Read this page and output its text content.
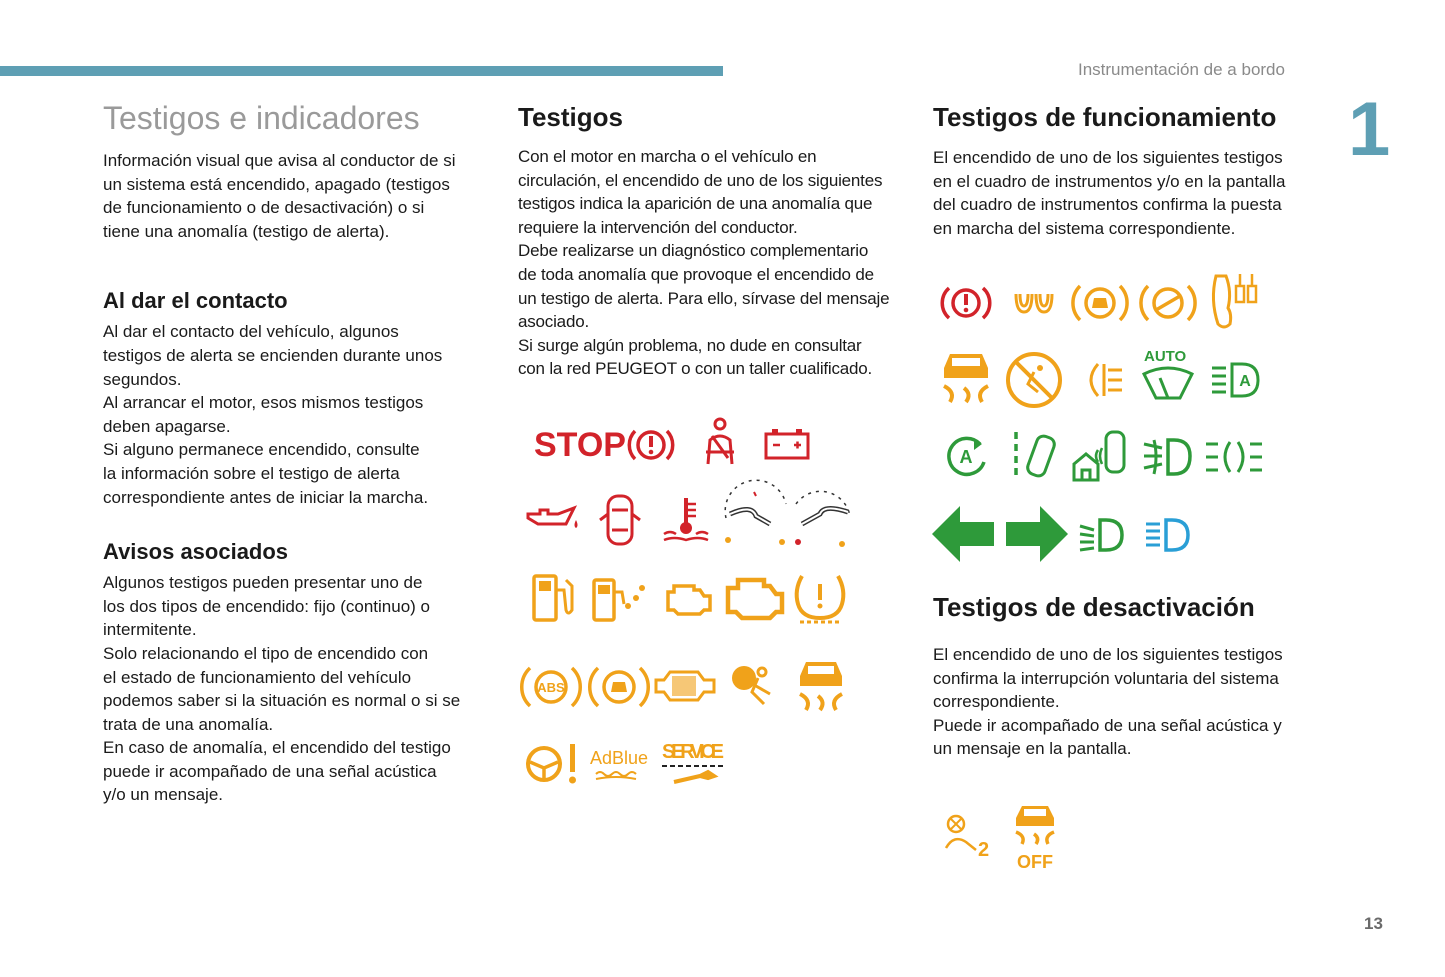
Instrumentación de a bordo
1
13
Testigos e indicadores

Información visual que avisa al conductor de si
un sistema está encendido, apagado (testigos
de funcionamiento o de desactivación) o si
tiene una anomalía (testigo de alerta).

Al dar el contacto

Al dar el contacto del vehículo, algunos
testigos de alerta se encienden durante unos
segundos.
Al arrancar el motor, esos mismos testigos
deben apagarse.
Si alguno permanece encendido, consulte
la información sobre el testigo de alerta
correspondiente antes de iniciar la marcha.

Avisos asociados

Algunos testigos pueden presentar uno de
los dos tipos de encendido: fijo (continuo) o
intermitente.
Solo relacionando el tipo de encendido con
el estado de funcionamiento del vehículo
podemos saber si la situación es normal o si se
trata de una anomalía.
En caso de anomalía, el encendido del testigo
puede ir acompañado de una señal acústica
y/o un mensaje.

Testigos

Con el motor en marcha o el vehículo en
circulación, el encendido de uno de los siguientes
testigos indica la aparición de una anomalía que
requiere la intervención del conductor.
Debe realizarse un diagnóstico complementario
de toda anomalía que provoque el encendido de
un testigo de alerta. Para ello, sírvase del mensaje
asociado.
Si surge algún problema, no dude en consultar
con la red PEUGEOT o con un taller cualificado.

STOP
ABS
AdBlue SERVICE
Testigos de funcionamiento

El encendido de uno de los siguientes testigos
en el cuadro de instrumentos y/o en la pantalla
del cuadro de instrumentos confirma la puesta
en marcha del sistema correspondiente.

Testigos de desactivación

El encendido de uno de los siguientes testigos
confirma la interrupción voluntaria del sistema
correspondiente.
Puede ir acompañado de una señal acústica y
un mensaje en la pantalla.

AUTO
A
A
2
OFF
